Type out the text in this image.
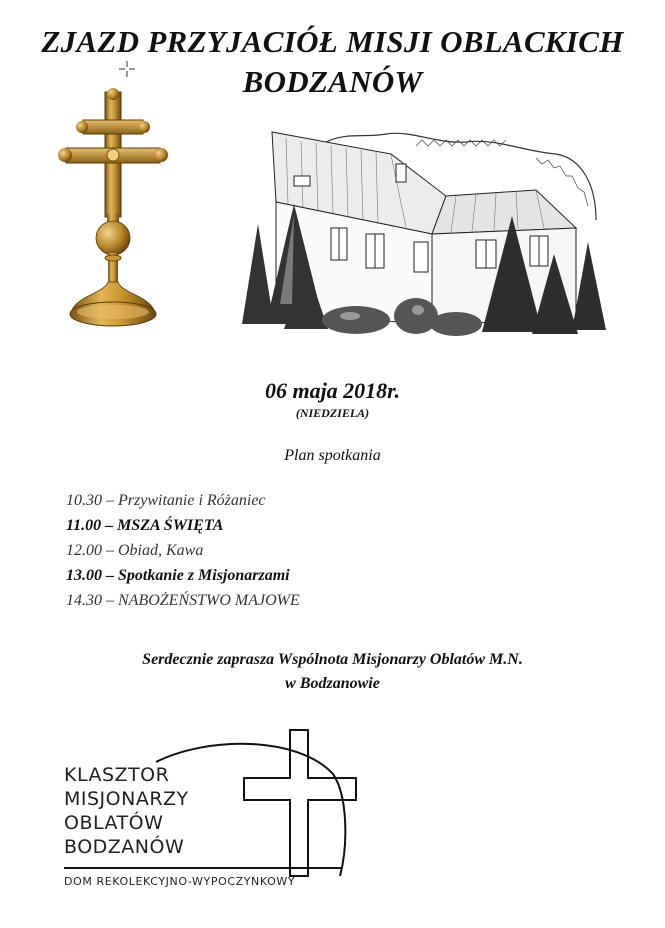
ZJAZD PRZYJACIÓŁ MISJI OBLACKICH
BODZANÓW
06 maja 2018r.
(NIEDZIELA)
Plan spotkania
10.30 – Przywitanie i Różaniec
11.00 – MSZA ŚWIĘTA
12.00 – Obiad, Kawa
13.00 – Spotkanie z Misjonarzami
14.30 – NABOŻEŃSTWO MAJOWE
Serdecznie zaprasza Wspólnota Misjonarzy Oblatów M.N.
w Bodzanowie
KLASZTOR
MISJONARZY
OBLATÓW
BODZANÓW
DOM REKOLEKCYJNO-WYPOCZYNKOWY
